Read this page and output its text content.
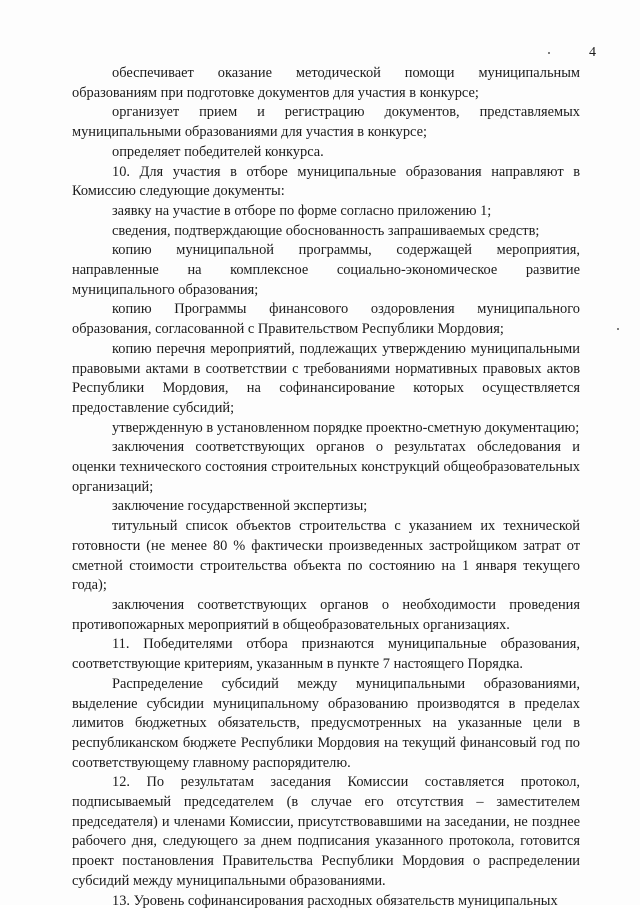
4

обеспечивает оказание методической помощи муниципальным образованиям при подготовке документов для участия в конкурсе;

организует прием и регистрацию документов, представляемых муниципальными образованиями для участия в конкурсе;

определяет победителей конкурса.

10. Для участия в отборе муниципальные образования направляют в Комиссию следующие документы:

заявку на участие в отборе по форме согласно приложению 1;

сведения, подтверждающие обоснованность запрашиваемых средств;

копию муниципальной программы, содержащей мероприятия, направленные на комплексное социально-экономическое развитие муниципального образования;

копию Программы финансового оздоровления муниципального образования, согласованной с Правительством Республики Мордовия;

копию перечня мероприятий, подлежащих утверждению муниципальными правовыми актами в соответствии с требованиями нормативных правовых актов Республики Мордовия, на софинансирование которых осуществляется предоставление субсидий;

утвержденную в установленном порядке проектно-сметную документацию;

заключения соответствующих органов о результатах обследования и оценки технического состояния строительных конструкций общеобразовательных организаций;

заключение государственной экспертизы;

титульный список объектов строительства с указанием их технической готовности (не менее 80 % фактически произведенных застройщиком затрат от сметной стоимости строительства объекта по состоянию на 1 января текущего года);

заключения соответствующих органов о необходимости проведения противопожарных мероприятий в общеобразовательных организациях.

11. Победителями отбора признаются муниципальные образования, соответствующие критериям, указанным в пункте 7 настоящего Порядка.

Распределение субсидий между муниципальными образованиями, выделение субсидии муниципальному образованию производятся в пределах лимитов бюджетных обязательств, предусмотренных на указанные цели в республиканском бюджете Республики Мордовия на текущий финансовый год по соответствующему главному распорядителю.

12. По результатам заседания Комиссии составляется протокол, подписываемый председателем (в случае его отсутствия – заместителем председателя) и членами Комиссии, присутствовавшими на заседании, не позднее рабочего дня, следующего за днем подписания указанного протокола, готовится проект постановления Правительства Республики Мордовия о распределении субсидий между муниципальными образованиями.

13. Уровень софинансирования расходных обязательств муниципальных
